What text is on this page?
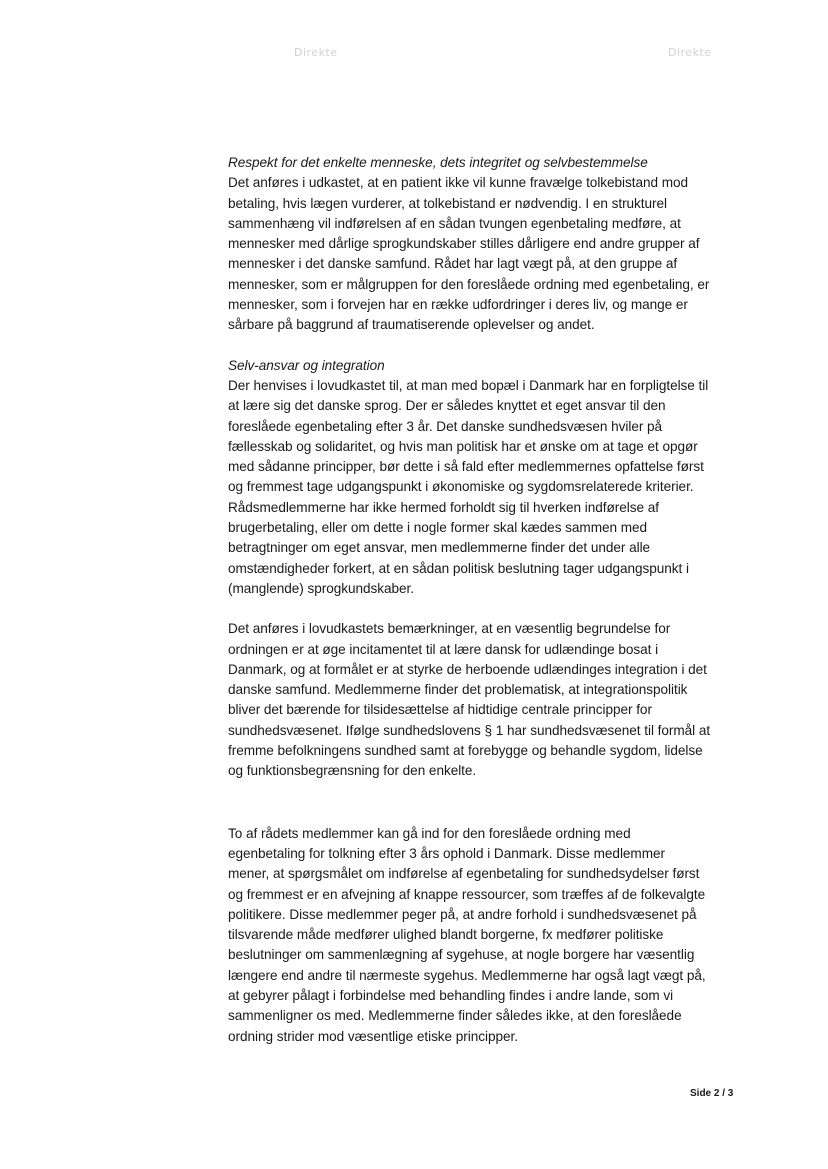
Direkte	Direkte
Respekt for det enkelte menneske, dets integritet og selvbestemmelse
Det anføres i udkastet, at en patient ikke vil kunne fravælge tolkebistand mod
betaling, hvis lægen vurderer, at tolkebistand er nødvendig. I en strukturel
sammenhæng vil indførelsen af en sådan tvungen egenbetaling medføre, at
mennesker med dårlige sprogkundskaber stilles dårligere end andre grupper af
mennesker i det danske samfund. Rådet har lagt vægt på, at den gruppe af
mennesker, som er målgruppen for den foreslåede ordning med egenbetaling, er
mennesker, som i forvejen har en række udfordringer i deres liv, og mange er
sårbare på baggrund af traumatiserende oplevelser og andet.
Selv-ansvar og integration
Der henvises i lovudkastet til, at man med bopæl i Danmark har en forpligtelse til
at lære sig det danske sprog. Der er således knyttet et eget ansvar til den
foreslåede egenbetaling efter 3 år. Det danske sundhedsvæsen hviler på
fællesskab og solidaritet, og hvis man politisk har et ønske om at tage et opgør
med sådanne principper, bør dette i så fald efter medlemmernes opfattelse først
og fremmest tage udgangspunkt i økonomiske og sygdomsrelaterede kriterier.
Rådsmedlemmerne har ikke hermed forholdt sig til hverken indførelse af
brugerbetaling, eller om dette i nogle former skal kædes sammen med
betragtninger om eget ansvar, men medlemmerne finder det under alle
omstændigheder forkert, at en sådan politisk beslutning tager udgangspunkt i
(manglende) sprogkundskaber.
Det anføres i lovudkastets bemærkninger, at en væsentlig begrundelse for
ordningen er at øge incitamentet til at lære dansk for udlændinge bosat i
Danmark, og at formålet er at styrke de herboende udlændinges integration i det
danske samfund. Medlemmerne finder det problematisk, at integrationspolitik
bliver det bærende for tilsidesættelse af hidtidige centrale principper for
sundhedsvæsenet. Ifølge sundhedslovens § 1 har sundhedsvæsenet til formål at
fremme befolkningens sundhed samt at forebygge og behandle sygdom, lidelse
og funktionsbegrænsning for den enkelte.
To af rådets medlemmer kan gå ind for den foreslåede ordning med
egenbetaling for tolkning efter 3 års ophold i Danmark. Disse medlemmer
mener, at spørgsmålet om indførelse af egenbetaling for sundhedsydelser først
og fremmest er en afvejning af knappe ressourcer, som træffes af de folkevalgte
politikere. Disse medlemmer peger på, at andre forhold i sundhedsvæsenet på
tilsvarende måde medfører ulighed blandt borgerne, fx medfører politiske
beslutninger om sammenlægning af sygehuse, at nogle borgere har væsentlig
længere end andre til nærmeste sygehus. Medlemmerne har også lagt vægt på,
at gebyrer pålagt i forbindelse med behandling findes i andre lande, som vi
sammenligner os med. Medlemmerne finder således ikke, at den foreslåede
ordning strider mod væsentlige etiske principper.
Side 2 / 3
